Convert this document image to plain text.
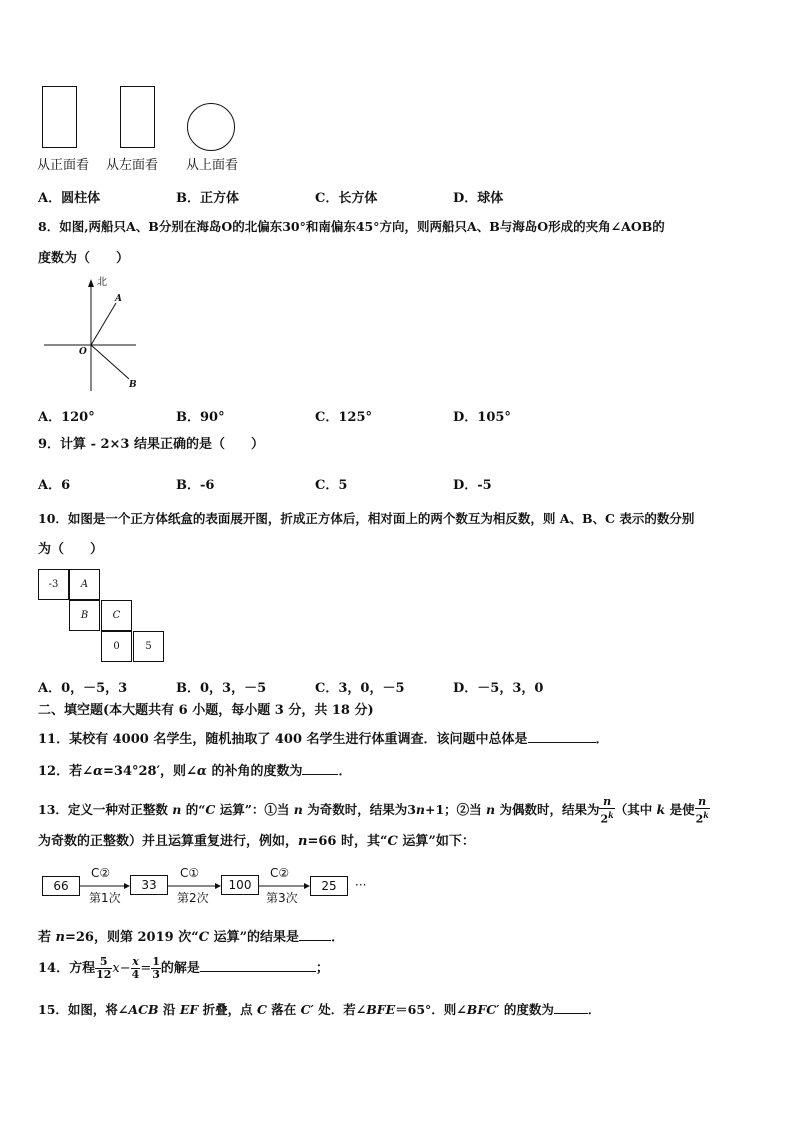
从正面看 从左面看 从上面看
A．圆柱体	B．正方体	C．长方体	D．球体
8．如图,两船只A、B分别在海岛O的北偏东30°和南偏东45°方向，则两船只A、B与海岛O形成的夹角∠AOB的
度数为（　　）
北
A
O
B
A．120°	B．90°	C．125°	D．105°
9．计算 - 2×3 结果正确的是（　　）
A．6	B．-6	C．5	D．-5
10．如图是一个正方体纸盒的表面展开图，折成正方体后，相对面上的两个数互为相反数，则 A、B、C 表示的数分别
为（　　）
-3	A
B	C
0	5
A．0，－5，3	B．0，3，－5	C．3，0，－5	D．－5，3，0
二、填空题(本大题共有 6 小题，每小题 3 分，共 18 分)
11．某校有 4000 名学生，随机抽取了 400 名学生进行体重调查．该问题中总体是	．
12．若∠α=34°28′，则∠α 的补角的度数为	．
13．定义一种对正整数 n 的“C 运算”：①当 n 为奇数时，结果为3n+1；②当 n 为偶数时，结果为 $\frac{n}{2^k}$ （其中 k 是使 $\frac{n}{2^k}$
为奇数的正整数）并且运算重复进行，例如，n=66 时，其“C 运算”如下：
66	33	100	25
C②	C①	C②
第1次	第2次	第3次
···
若 n=26，则第 2019 次“C 运算”的结果是 ．
14．方程 $\frac{5}{12} x- \frac{x}{4} = \frac{1}{3}$ 的解是	；
15．如图，将∠ACB 沿 EF 折叠，点 C 落在 C′ 处．若∠BFE＝65°．则∠BFC′ 的度数为	．
